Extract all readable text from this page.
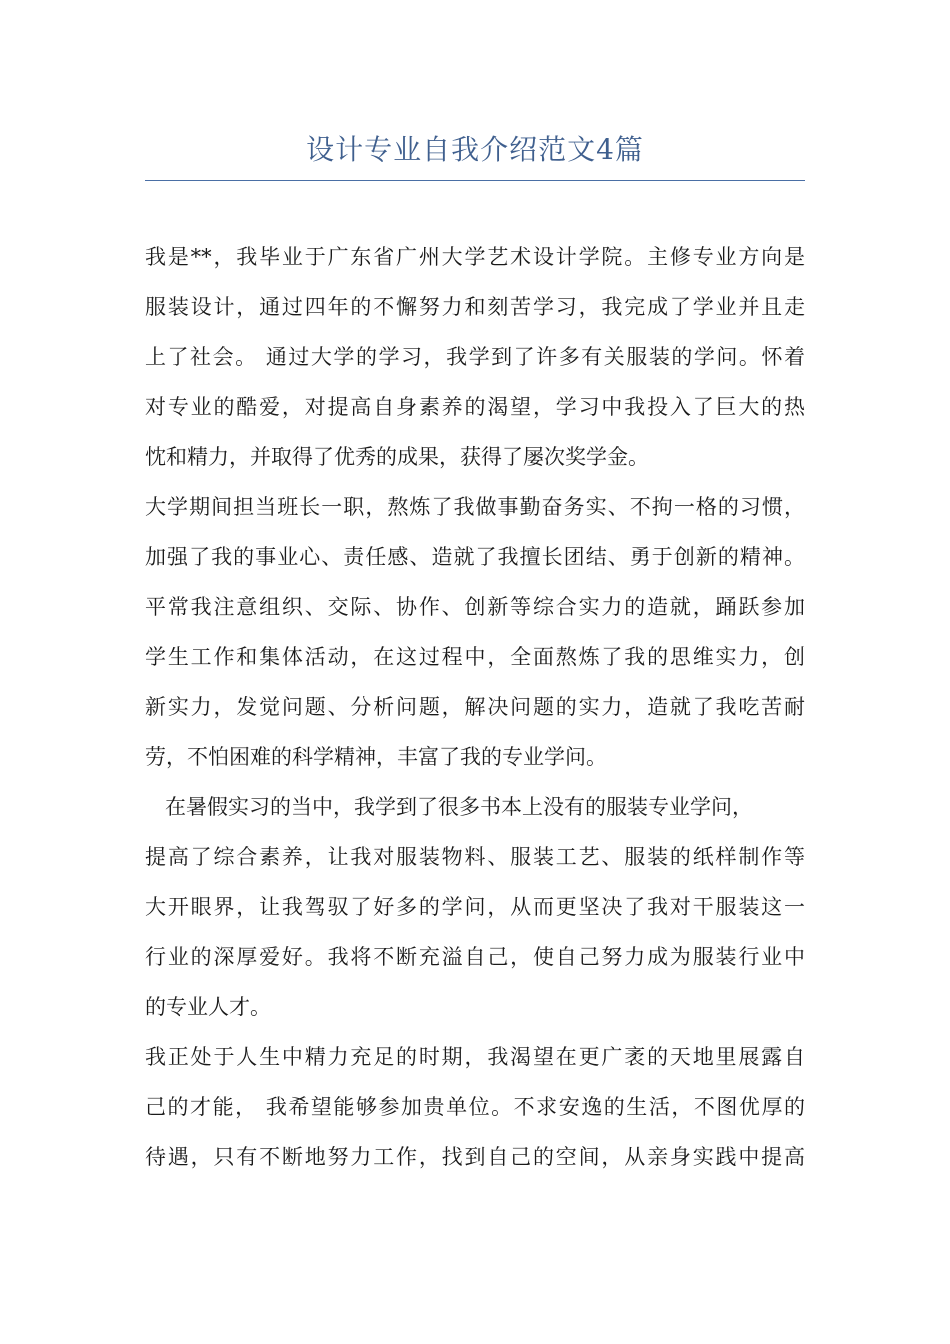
设计专业自我介绍范文4篇
我是**，我毕业于广东省广州大学艺术设计学院。主修专业方向是
服装设计，通过四年的不懈努力和刻苦学习，我完成了学业并且走
上了社会。 通过大学的学习，我学到了许多有关服装的学问。怀着
对专业的酷爱，对提高自身素养的渴望，学习中我投入了巨大的热
忱和精力，并取得了优秀的成果，获得了屡次奖学金。
大学期间担当班长一职，熬炼了我做事勤奋务实、不拘一格的习惯，
加强了我的事业心、责任感、造就了我擅长团结、勇于创新的精神。
平常我注意组织、交际、协作、创新等综合实力的造就，踊跃参加
学生工作和集体活动，在这过程中，全面熬炼了我的思维实力，创
新实力，发觉问题、分析问题，解决问题的实力，造就了我吃苦耐
劳，不怕困难的科学精神，丰富了我的专业学问。
在暑假实习的当中，我学到了很多书本上没有的服装专业学问，
提高了综合素养，让我对服装物料、服装工艺、服装的纸样制作等
大开眼界，让我驾驭了好多的学问，从而更坚决了我对干服装这一
行业的深厚爱好。我将不断充溢自己，使自己努力成为服装行业中
的专业人才。
我正处于人生中精力充足的时期，我渴望在更广袤的天地里展露自
己的才能， 我希望能够参加贵单位。不求安逸的生活，不图优厚的
待遇，只有不断地努力工作，找到自己的空间，从亲身实践中提高
